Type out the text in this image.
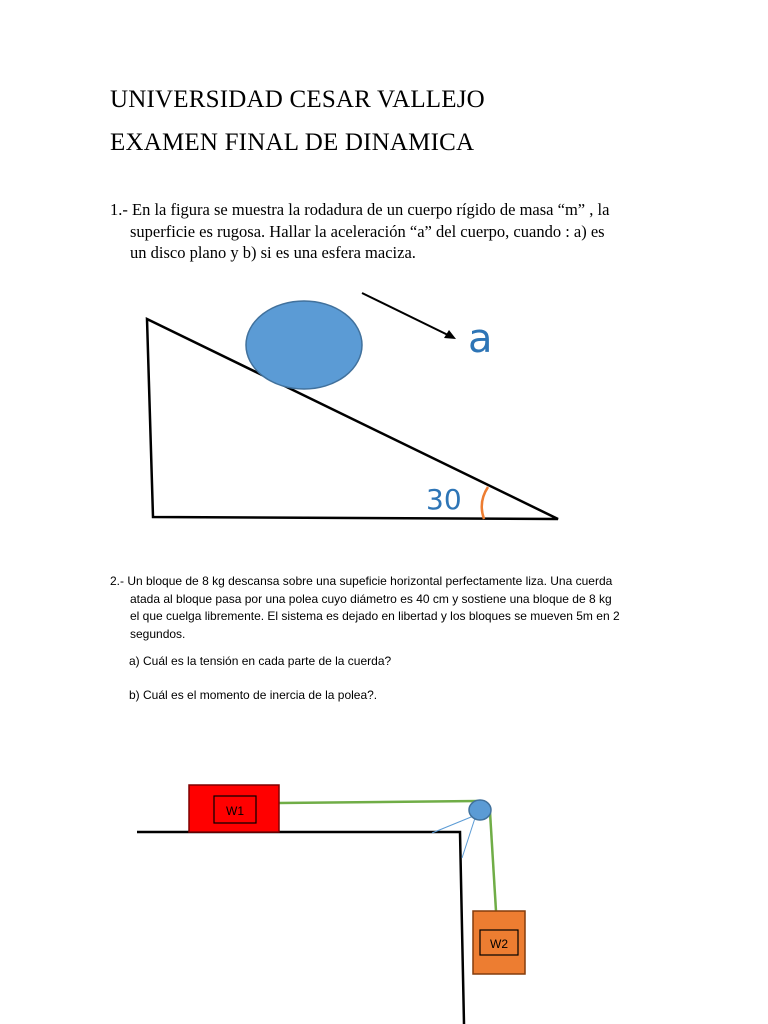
UNIVERSIDAD CESAR VALLEJO
EXAMEN FINAL DE DINAMICA
1.- En la figura se muestra la rodadura de un cuerpo rígido de masa “m” , la
superficie es rugosa. Hallar la aceleración “a” del cuerpo, cuando : a) es
un disco plano y b) si es una esfera maciza.
a
30
2.- Un bloque de 8 kg descansa sobre una supeficie horizontal perfectamente liza. Una cuerda
atada al bloque pasa por una polea cuyo diámetro es 40 cm y sostiene una bloque de 8 kg
el que cuelga libremente. El sistema es dejado en libertad y los bloques se mueven 5m en 2
segundos.
a) Cuál es la tensión en cada parte de la cuerda?
b) Cuál es el momento de inercia de la polea?.
W1
W2
